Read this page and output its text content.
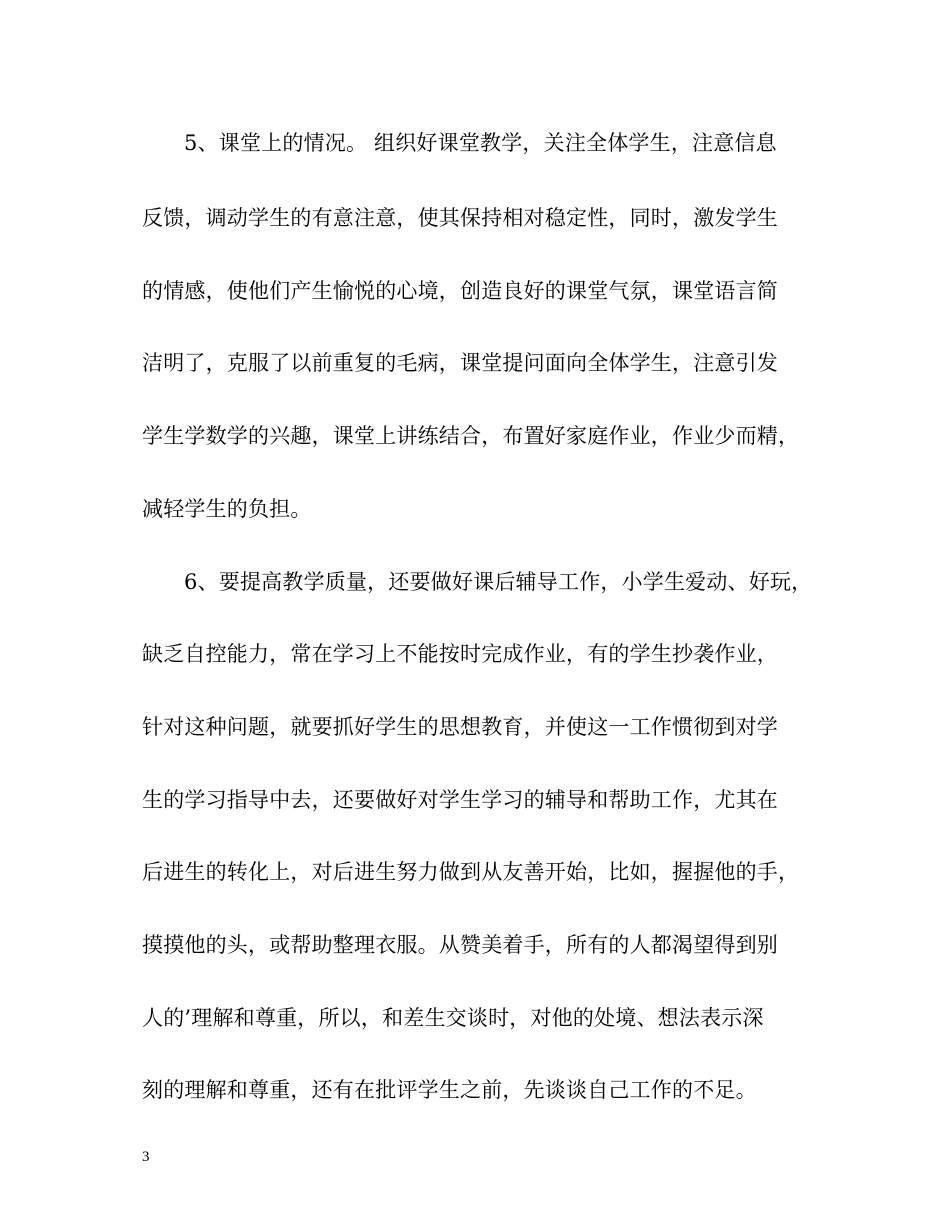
5、课堂上的情况。 组织好课堂教学，关注全体学生，注意信息
反馈，调动学生的有意注意，使其保持相对稳定性，同时，激发学生
的情感，使他们产生愉悦的心境，创造良好的课堂气氛，课堂语言简
洁明了，克服了以前重复的毛病，课堂提问面向全体学生，注意引发
学生学数学的兴趣，课堂上讲练结合，布置好家庭作业，作业少而精，
减轻学生的负担。
6、要提高教学质量，还要做好课后辅导工作，小学生爱动、好玩，
缺乏自控能力，常在学习上不能按时完成作业，有的学生抄袭作业，
针对这种问题，就要抓好学生的思想教育，并使这一工作惯彻到对学
生的学习指导中去，还要做好对学生学习的辅导和帮助工作，尤其在
后进生的转化上，对后进生努力做到从友善开始，比如，握握他的手，
摸摸他的头，或帮助整理衣服。从赞美着手，所有的人都渴望得到别
人的’理解和尊重，所以，和差生交谈时，对他的处境、想法表示深
刻的理解和尊重，还有在批评学生之前，先谈谈自己工作的不足。
3
